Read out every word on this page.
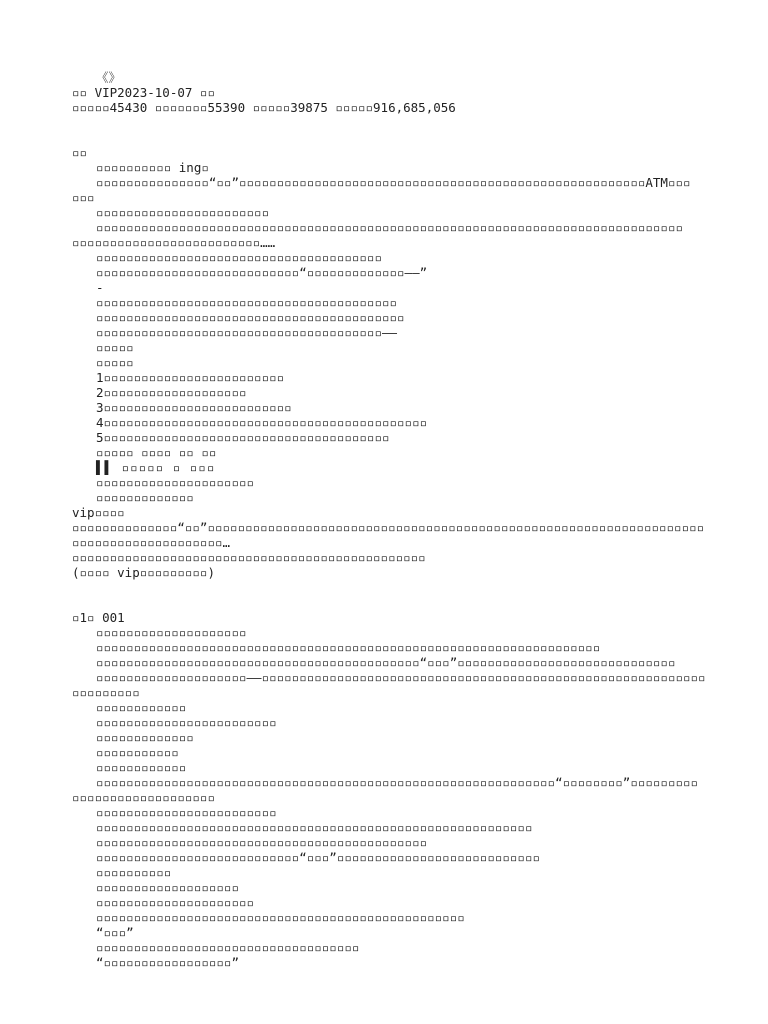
《》
▫▫ VIP2023-10-07 ▫▫
▫▫▫▫▫45430 ▫▫▫▫▫▫▫55390 ▫▫▫▫▫39875 ▫▫▫▫▫916,685,056
▫▫
▫▫▫▫▫▫▫▫▫▫ ing▫
▫▫▫▫▫▫▫▫▫▫▫▫▫▫▫“▫▫”▫▫▫▫▫▫▫▫▫▫▫▫▫▫▫▫▫▫▫▫▫▫▫▫▫▫▫▫▫▫▫▫▫▫▫▫▫▫▫▫▫▫▫▫▫▫▫▫▫▫▫▫▫▫ATM▫▫▫
▫▫▫
▫▫▫▫▫▫▫▫▫▫▫▫▫▫▫▫▫▫▫▫▫▫▫
▫▫▫▫▫▫▫▫▫▫▫▫▫▫▫▫▫▫▫▫▫▫▫▫▫▫▫▫▫▫▫▫▫▫▫▫▫▫▫▫▫▫▫▫▫▫▫▫▫▫▫▫▫▫▫▫▫▫▫▫▫▫▫▫▫▫▫▫▫▫▫▫▫▫▫▫▫▫
▫▫▫▫▫▫▫▫▫▫▫▫▫▫▫▫▫▫▫▫▫▫▫▫▫……
▫▫▫▫▫▫▫▫▫▫▫▫▫▫▫▫▫▫▫▫▫▫▫▫▫▫▫▫▫▫▫▫▫▫▫▫▫▫
▫▫▫▫▫▫▫▫▫▫▫▫▫▫▫▫▫▫▫▫▫▫▫▫▫▫▫“▫▫▫▫▫▫▫▫▫▫▫▫▫——”
-
▫▫▫▫▫▫▫▫▫▫▫▫▫▫▫▫▫▫▫▫▫▫▫▫▫▫▫▫▫▫▫▫▫▫▫▫▫▫▫▫
▫▫▫▫▫▫▫▫▫▫▫▫▫▫▫▫▫▫▫▫▫▫▫▫▫▫▫▫▫▫▫▫▫▫▫▫▫▫▫▫▫
▫▫▫▫▫▫▫▫▫▫▫▫▫▫▫▫▫▫▫▫▫▫▫▫▫▫▫▫▫▫▫▫▫▫▫▫▫▫——
▫▫▫▫▫
▫▫▫▫▫
1▫▫▫▫▫▫▫▫▫▫▫▫▫▫▫▫▫▫▫▫▫▫▫▫
2▫▫▫▫▫▫▫▫▫▫▫▫▫▫▫▫▫▫▫
3▫▫▫▫▫▫▫▫▫▫▫▫▫▫▫▫▫▫▫▫▫▫▫▫▫
4▫▫▫▫▫▫▫▫▫▫▫▫▫▫▫▫▫▫▫▫▫▫▫▫▫▫▫▫▫▫▫▫▫▫▫▫▫▫▫▫▫▫▫
5▫▫▫▫▫▫▫▫▫▫▫▫▫▫▫▫▫▫▫▫▫▫▫▫▫▫▫▫▫▫▫▫▫▫▫▫▫▫
▫▫▫▫▫ ▫▫▫▫ ▫▫ ▫▫
▌▌ ▫▫▫▫▫ ▫ ▫▫▫
▫▫▫▫▫▫▫▫▫▫▫▫▫▫▫▫▫▫▫▫▫
▫▫▫▫▫▫▫▫▫▫▫▫▫
vip▫▫▫▫
▫▫▫▫▫▫▫▫▫▫▫▫▫▫“▫▫”▫▫▫▫▫▫▫▫▫▫▫▫▫▫▫▫▫▫▫▫▫▫▫▫▫▫▫▫▫▫▫▫▫▫▫▫▫▫▫▫▫▫▫▫▫▫▫▫▫▫▫▫▫▫▫▫▫▫▫▫▫▫▫▫▫▫
▫▫▫▫▫▫▫▫▫▫▫▫▫▫▫▫▫▫▫▫…
▫▫▫▫▫▫▫▫▫▫▫▫▫▫▫▫▫▫▫▫▫▫▫▫▫▫▫▫▫▫▫▫▫▫▫▫▫▫▫▫▫▫▫▫▫▫▫
(▫▫▫▫ vip▫▫▫▫▫▫▫▫▫)
▫1▫ 001
▫▫▫▫▫▫▫▫▫▫▫▫▫▫▫▫▫▫▫▫
▫▫▫▫▫▫▫▫▫▫▫▫▫▫▫▫▫▫▫▫▫▫▫▫▫▫▫▫▫▫▫▫▫▫▫▫▫▫▫▫▫▫▫▫▫▫▫▫▫▫▫▫▫▫▫▫▫▫▫▫▫▫▫▫▫▫▫
▫▫▫▫▫▫▫▫▫▫▫▫▫▫▫▫▫▫▫▫▫▫▫▫▫▫▫▫▫▫▫▫▫▫▫▫▫▫▫▫▫▫▫“▫▫▫”▫▫▫▫▫▫▫▫▫▫▫▫▫▫▫▫▫▫▫▫▫▫▫▫▫▫▫▫▫
▫▫▫▫▫▫▫▫▫▫▫▫▫▫▫▫▫▫▫▫——▫▫▫▫▫▫▫▫▫▫▫▫▫▫▫▫▫▫▫▫▫▫▫▫▫▫▫▫▫▫▫▫▫▫▫▫▫▫▫▫▫▫▫▫▫▫▫▫▫▫▫▫▫▫▫▫▫▫▫
▫▫▫▫▫▫▫▫▫
▫▫▫▫▫▫▫▫▫▫▫▫
▫▫▫▫▫▫▫▫▫▫▫▫▫▫▫▫▫▫▫▫▫▫▫▫
▫▫▫▫▫▫▫▫▫▫▫▫▫
▫▫▫▫▫▫▫▫▫▫▫
▫▫▫▫▫▫▫▫▫▫▫▫
▫▫▫▫▫▫▫▫▫▫▫▫▫▫▫▫▫▫▫▫▫▫▫▫▫▫▫▫▫▫▫▫▫▫▫▫▫▫▫▫▫▫▫▫▫▫▫▫▫▫▫▫▫▫▫▫▫▫▫▫▫“▫▫▫▫▫▫▫▫”▫▫▫▫▫▫▫▫▫
▫▫▫▫▫▫▫▫▫▫▫▫▫▫▫▫▫▫▫
▫▫▫▫▫▫▫▫▫▫▫▫▫▫▫▫▫▫▫▫▫▫▫▫
▫▫▫▫▫▫▫▫▫▫▫▫▫▫▫▫▫▫▫▫▫▫▫▫▫▫▫▫▫▫▫▫▫▫▫▫▫▫▫▫▫▫▫▫▫▫▫▫▫▫▫▫▫▫▫▫▫▫
▫▫▫▫▫▫▫▫▫▫▫▫▫▫▫▫▫▫▫▫▫▫▫▫▫▫▫▫▫▫▫▫▫▫▫▫▫▫▫▫▫▫▫▫
▫▫▫▫▫▫▫▫▫▫▫▫▫▫▫▫▫▫▫▫▫▫▫▫▫▫▫“▫▫▫”▫▫▫▫▫▫▫▫▫▫▫▫▫▫▫▫▫▫▫▫▫▫▫▫▫▫▫
▫▫▫▫▫▫▫▫▫▫
▫▫▫▫▫▫▫▫▫▫▫▫▫▫▫▫▫▫▫
▫▫▫▫▫▫▫▫▫▫▫▫▫▫▫▫▫▫▫▫▫
▫▫▫▫▫▫▫▫▫▫▫▫▫▫▫▫▫▫▫▫▫▫▫▫▫▫▫▫▫▫▫▫▫▫▫▫▫▫▫▫▫▫▫▫▫▫▫▫▫
“▫▫▫”
▫▫▫▫▫▫▫▫▫▫▫▫▫▫▫▫▫▫▫▫▫▫▫▫▫▫▫▫▫▫▫▫▫▫▫
“▫▫▫▫▫▫▫▫▫▫▫▫▫▫▫▫▫”
